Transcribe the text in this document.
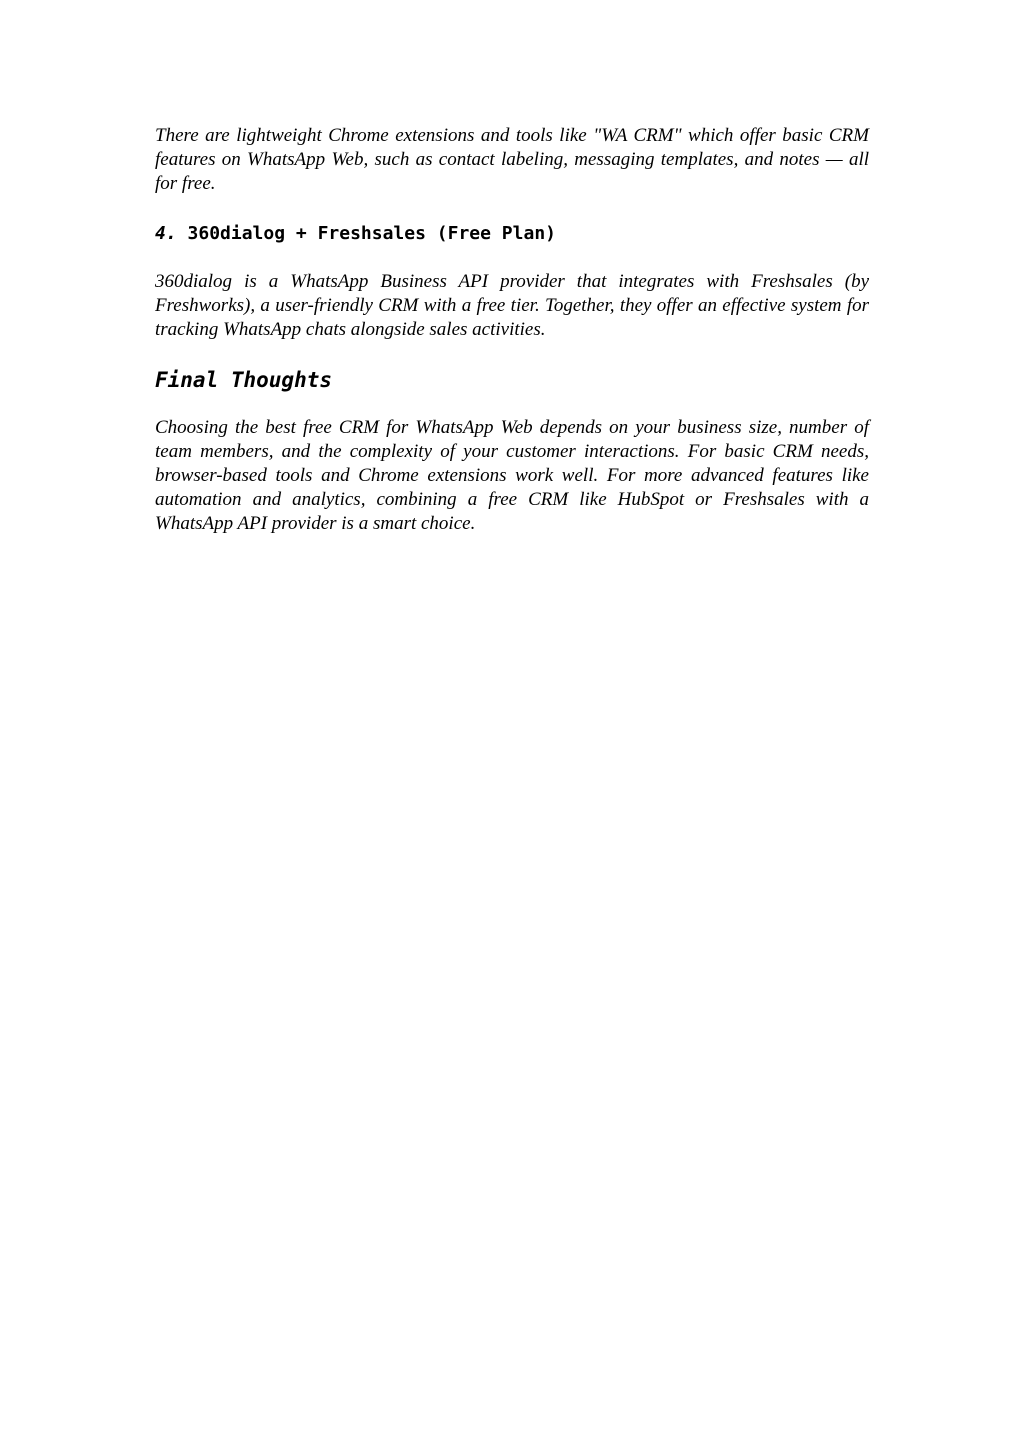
There are lightweight Chrome extensions and tools like "WA CRM" which offer basic CRM features on WhatsApp Web, such as contact labeling, messaging templates, and notes — all for free.

4. 360dialog + Freshsales (Free Plan)

360dialog is a WhatsApp Business API provider that integrates with Freshsales (by Freshworks), a user-friendly CRM with a free tier. Together, they offer an effective system for tracking WhatsApp chats alongside sales activities.

Final Thoughts

Choosing the best free CRM for WhatsApp Web depends on your business size, number of team members, and the complexity of your customer interactions. For basic CRM needs, browser-based tools and Chrome extensions work well. For more advanced features like automation and analytics, combining a free CRM like HubSpot or Freshsales with a WhatsApp API provider is a smart choice.
